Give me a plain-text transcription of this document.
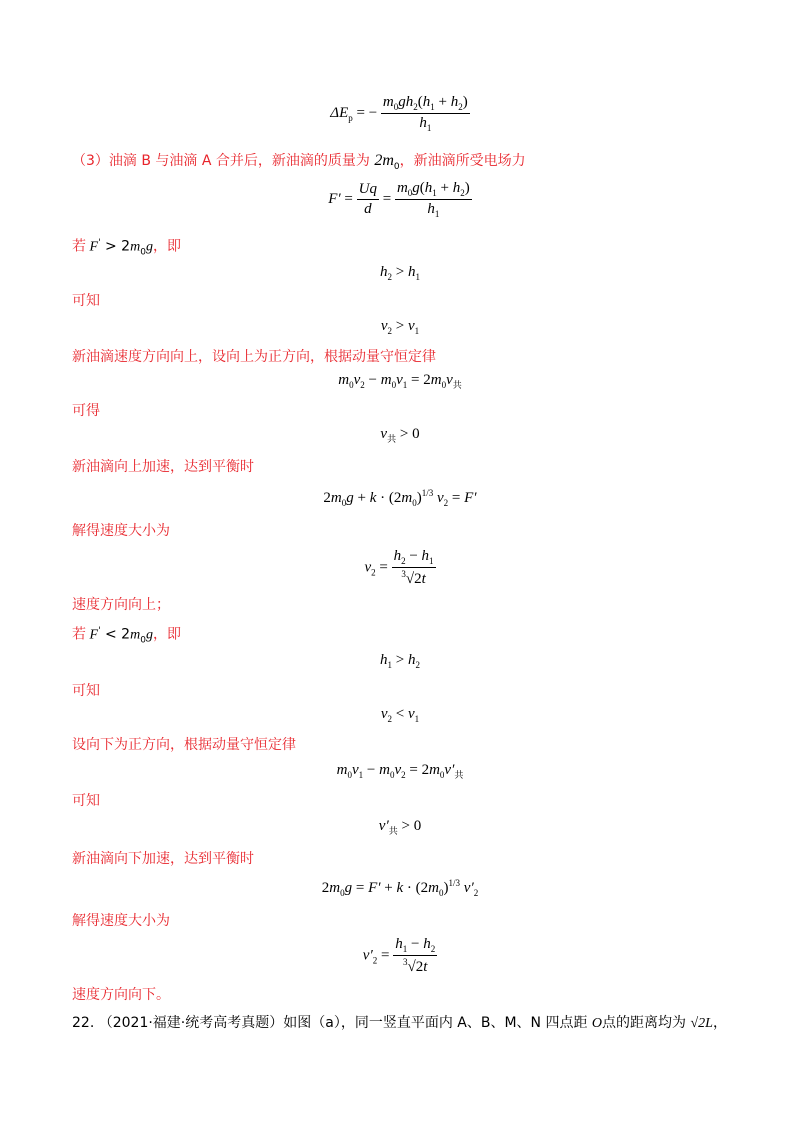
$\Delta E_p$ = − $\frac{m_0gh_2(h_1 + h_2)}{h_1}$
（3）油滴 B 与油滴 A 合并后，新油滴的质量为 $2m_0$，新油滴所受电场力
$F' = \frac{Uq}{d} = \frac{m_0g(h_1 + h_2)}{h_1}$
若 $F' > 2m_0g$，即
$h_2 > h_1$
可知
$v_2 > v_1$
新油滴速度方向向上，设向上为正方向，根据动量守恒定律
$m_0v_2 - m_0v_1 = 2m_0v_共$
可得
$v_共 > 0$
新油滴向上加速，达到平衡时
$2m_0g + k \cdot (2m_0)^{1/3}$ $v_2 = F'$
解得速度大小为
$v_2 = \frac{h_2 - h_1}{^3√2t}$
速度方向向上；
若 $F' < 2m_0g$，即
$h_1 > h_2$
可知
$v_2 < v_1$
设向下为正方向，根据动量守恒定律
$m_0v_1 - m_0v_2 = 2m_0v'_共$
可知
$v'_共 > 0$
新油滴向下加速，达到平衡时
$2m_0g = F' + k \cdot (2m_0)^{1/3}$ $v'_2$
解得速度大小为
$v'_2 = \frac{h_1 - h_2}{^3√2t}$
速度方向向下。
22. （2021·福建·统考高考真题）如图（a），同一竖直平面内 A、B、M、N 四点距 O点的距离均为 √2L，
